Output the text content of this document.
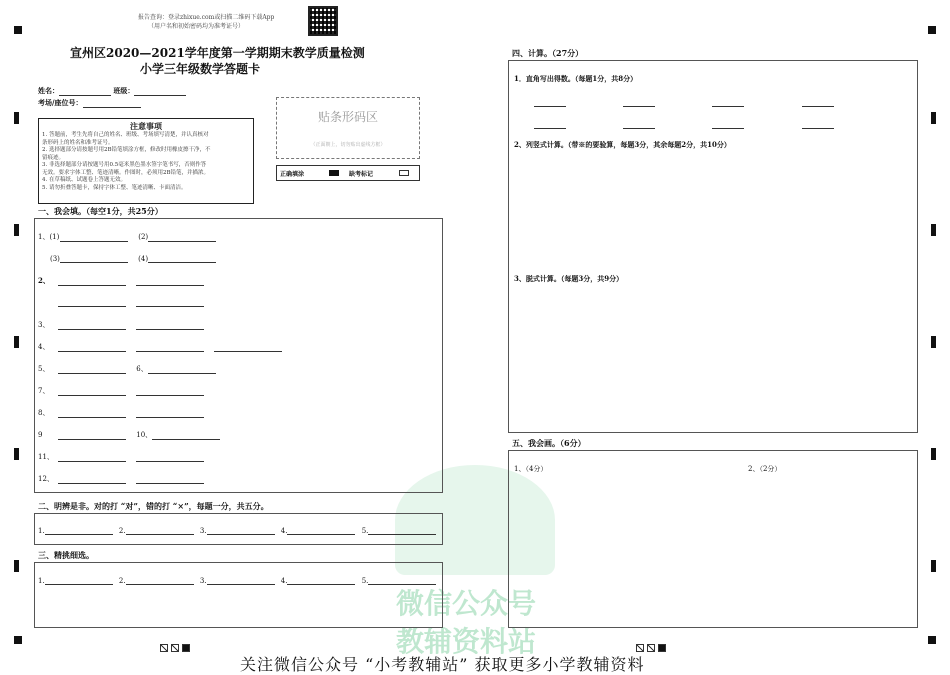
微信公众号
教辅资料站
报告查询：登录zhixue.com或扫描二维码下载App
（用户名和初始密码均为准考证号）
宣州区2020—2021学年度第一学期期末教学质量检测
小学三年级数学答题卡
姓名：	班级：
考场/座位号：
注意事项
1. 答题前，考生先将自己的姓名、班级、考场填写清楚，并认真核对
条形码上的姓名和准考证号。
2. 选择题部分请按题号用2B铅笔填涂方框，修改时用橡皮擦干净，不
留痕迹。
3. 非选择题部分请按题号用0.5毫米黑色墨水签字笔书写，否则作答
无效。要求字体工整、笔迹清晰。作图时，必须用2B铅笔，并描浓。
4. 在草稿纸、试题卷上答题无效。
5. 请勿折叠答题卡，保持字体工整、笔迹清晰、卡面清洁。
贴条形码区
（正面朝上，切勿贴出虚线方框）
正确填涂	缺考标记
一、我会填。（每空1分，共25分）
1、(1)	(2)
(3)	(4)
2、

3、
4、
5、	6、
7、
8、
9	10、
11、
12、
二、明辨是非。对的打 “对”，错的打 “×”，每题一分，共五分。
1.	2.	3.	4.	5.
三、精挑细选。
1.	2.	3.	4.	5.
四、计算。（27分）
1．直角写出得数。（每题1分，共8分）

2、列竖式计算。（带※的要验算，每题3分，其余每题2分，共10分）
3、脱式计算。（每题3分，共9分）
五、我会画。（6分）
1、（4分）	2、（2分）
关注微信公众号 “小考教辅站” 获取更多小学教辅资料
